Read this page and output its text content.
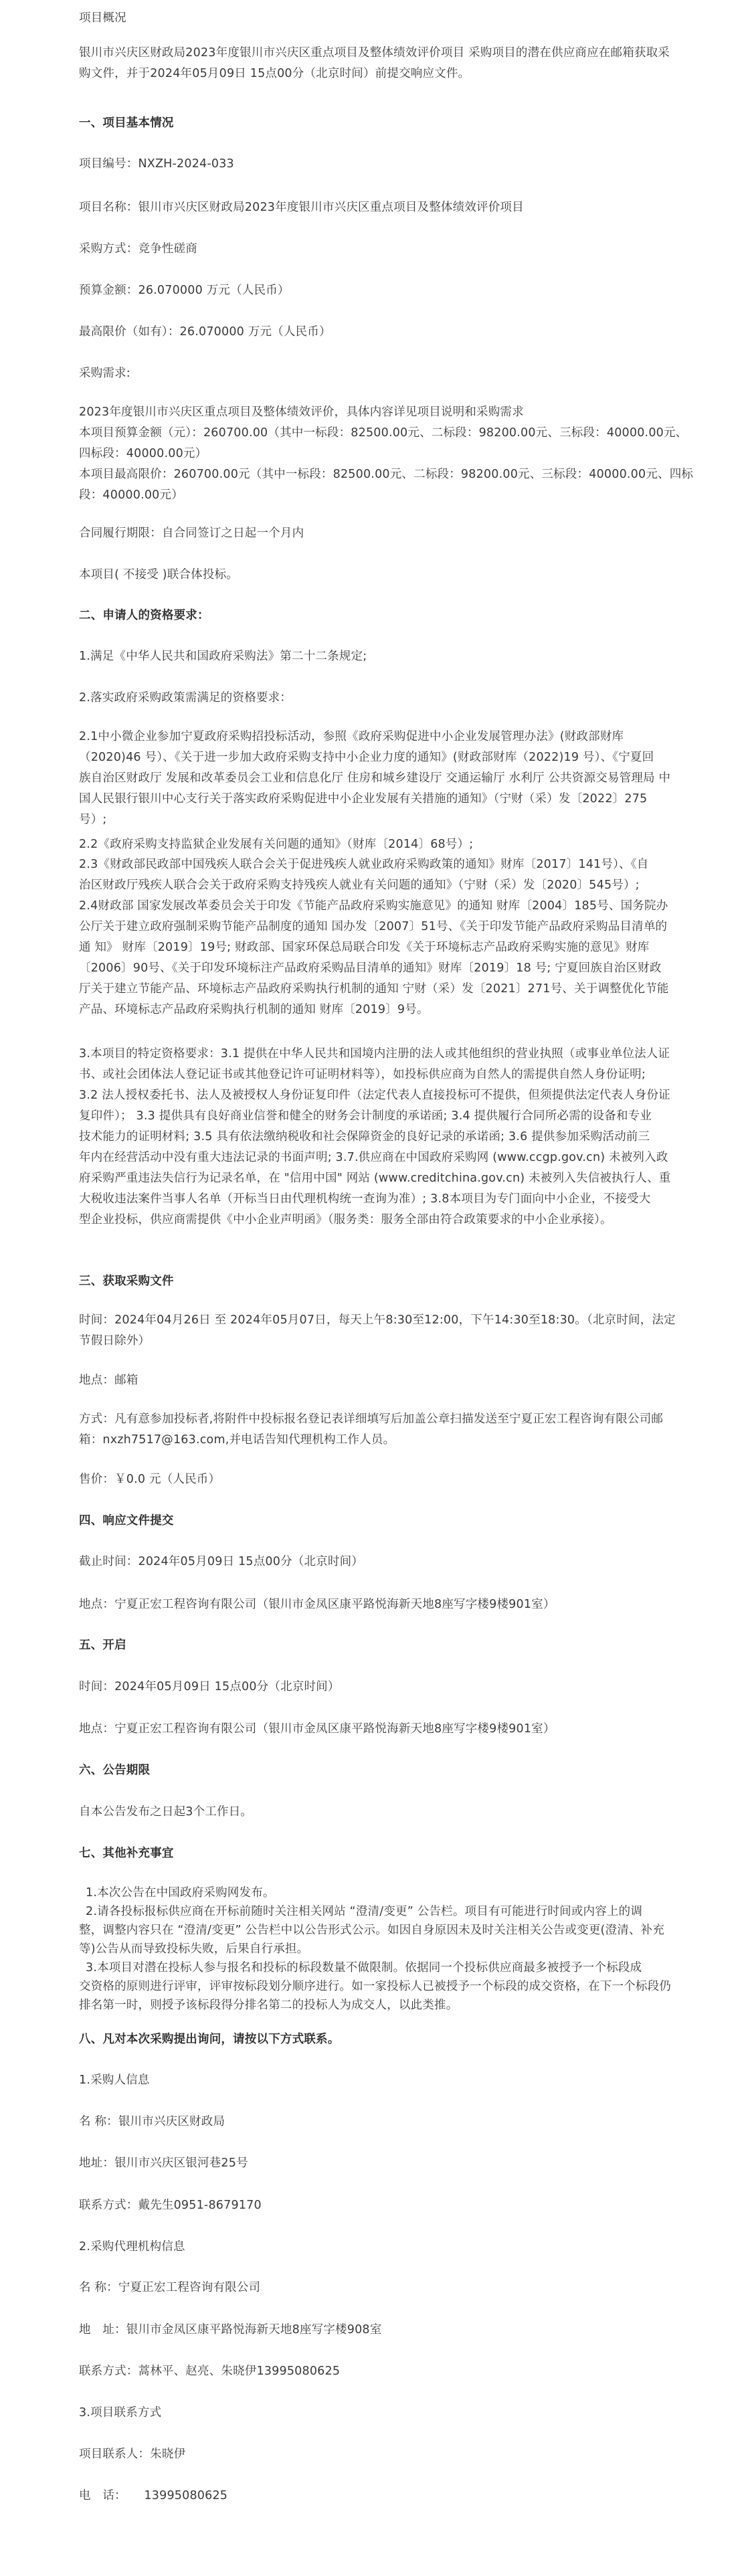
项目概况

银川市兴庆区财政局2023年度银川市兴庆区重点项目及整体绩效评价项目 采购项目的潜在供应商应在邮箱获取采
购文件，并于2024年05月09日 15点00分（北京时间）前提交响应文件。

一、项目基本情况

项目编号：NXZH-2024-033

项目名称：银川市兴庆区财政局2023年度银川市兴庆区重点项目及整体绩效评价项目

采购方式：竞争性磋商

预算金额：26.070000 万元（人民币）

最高限价（如有）：26.070000 万元（人民币）

采购需求:

2023年度银川市兴庆区重点项目及整体绩效评价，具体内容详见项目说明和采购需求
本项目预算金额（元）：260700.00（其中一标段：82500.00元、二标段：98200.00元、三标段：40000.00元、
四标段：40000.00元）
本项目最高限价：260700.00元（其中一标段：82500.00元、二标段：98200.00元、三标段：40000.00元、四标
段：40000.00元）

合同履行期限：自合同签订之日起一个月内

本项目( 不接受 )联合体投标。

二、申请人的资格要求：

1.满足《中华人民共和国政府采购法》第二十二条规定;

2.落实政府采购政策需满足的资格要求：

2.1中小微企业参加宁夏政府采购招投标活动，参照《政府采购促进中小企业发展管理办法》(财政部财库
（2020)46 号）、《关于进一步加大政府采购支持中小企业力度的通知》(财政部财库（2022)19 号）、《宁夏回
族自治区财政厅 发展和改革委员会工业和信息化厅 住房和城乡建设厅 交通运输厅 水利厅 公共资源交易管理局 中
国人民银行银川中心支行关于落实政府采购促进中小企业发展有关措施的通知》（宁财（采）发〔2022〕275
号）;

2.2《政府采购支持监狱企业发展有关问题的通知》（财库〔2014〕68号）;

2.3《财政部民政部中国残疾人联合会关于促进残疾人就业政府采购政策的通知》财库〔2017〕141号）、《自
治区财政厅残疾人联合会关于政府采购支持残疾人就业有关问题的通知》（宁财（采）发〔2020〕545号）;
2.4财政部 国家发展改革委员会关于印发《节能产品政府采购实施意见》的通知 财库〔2004〕185号、国务院办
公厅关于建立政府强制采购节能产品制度的通知 国办发〔2007〕51号、《关于印发节能产品政府采购品目清单的
通 知》 财库〔2019〕19号; 财政部、国家环保总局联合印发《关于环境标志产品政府采购实施的意见》财库
〔2006〕90号、《关于印发环境标注产品政府采购品目清单的通知》财库〔2019〕18 号; 宁夏回族自治区财政
厅关于建立节能产品、环境标志产品政府采购执行机制的通知 宁财（采）发〔2021〕271号、关于调整优化节能
产品、环境标志产品政府采购执行机制的通知 财库〔2019〕9号。
3.本项目的特定资格要求：3.1 提供在中华人民共和国境内注册的法人或其他组织的营业执照（或事业单位法人证
书、或社会团体法人登记证书或其他登记许可证明材料等），如投标供应商为自然人的需提供自然人身份证明;
3.2 法人授权委托书、法人及被授权人身份证复印件（法定代表人直接投标可不提供，但须提供法定代表人身份证
复印件）； 3.3 提供具有良好商业信誉和健全的财务会计制度的承诺函; 3.4 提供履行合同所必需的设备和专业
技术能力的证明材料; 3.5 具有依法缴纳税收和社会保障资金的良好记录的承诺函; 3.6 提供参加采购活动前三
年内在经营活动中没有重大违法记录的书面声明; 3.7.供应商在中国政府采购网 (www.ccgp.gov.cn) 未被列入政
府采购严重违法失信行为记录名单，在 "信用中国" 网站 (www.creditchina.gov.cn) 未被列入失信被执行人、重
大税收违法案件当事人名单（开标当日由代理机构统一查询为准）; 3.8本项目为专门面向中小企业，不接受大
型企业投标，供应商需提供《中小企业声明函》（服务类：服务全部由符合政策要求的中小企业承接）。

三、获取采购文件

时间：2024年04月26日 至 2024年05月07日，每天上午8:30至12:00，下午14:30至18:30。（北京时间，法定
节假日除外）

地点：邮箱

方式：凡有意参加投标者,将附件中投标报名登记表详细填写后加盖公章扫描发送至宁夏正宏工程咨询有限公司邮
箱：nxzh7517@163.com,并电话告知代理机构工作人员。

售价：￥0.0 元（人民币）

四、响应文件提交

截止时间：2024年05月09日 15点00分（北京时间）

地点：宁夏正宏工程咨询有限公司（银川市金凤区康平路悦海新天地8座写字楼9楼901室）

五、开启

时间：2024年05月09日 15点00分（北京时间）

地点：宁夏正宏工程咨询有限公司（银川市金凤区康平路悦海新天地8座写字楼9楼901室）

六、公告期限

自本公告发布之日起3个工作日。

七、其他补充事宜

1.本次公告在中国政府采购网发布。
2.请各投标报标供应商在开标前随时关注相关网站 “澄清/变更” 公告栏。项目有可能进行时间或内容上的调
整，调整内容只在 “澄清/变更” 公告栏中以公告形式公示。如因自身原因未及时关注相关公告或变更(澄清、补充
等)公告从而导致投标失败，后果自行承担。
3.本项目对潜在投标人参与报名和投标的标段数量不做限制。依据同一个投标供应商最多被授予一个标段成
交资格的原则进行评审，评审按标段划分顺序进行。如一家投标人已被授予一个标段的成交资格，在下一个标段仍
排名第一时，则授予该标段得分排名第二的投标人为成交人，以此类推。

八、凡对本次采购提出询问，请按以下方式联系。

1.采购人信息

名 称：银川市兴庆区财政局

地址：银川市兴庆区银河巷25号

联系方式：戴先生0951-8679170

2.采购代理机构信息

名 称：宁夏正宏工程咨询有限公司

地　址：银川市金凤区康平路悦海新天地8座写字楼908室

联系方式：蒿林平、赵亮、朱晓伊13995080625

3.项目联系方式

项目联系人：朱晓伊

电　话：　　13995080625
